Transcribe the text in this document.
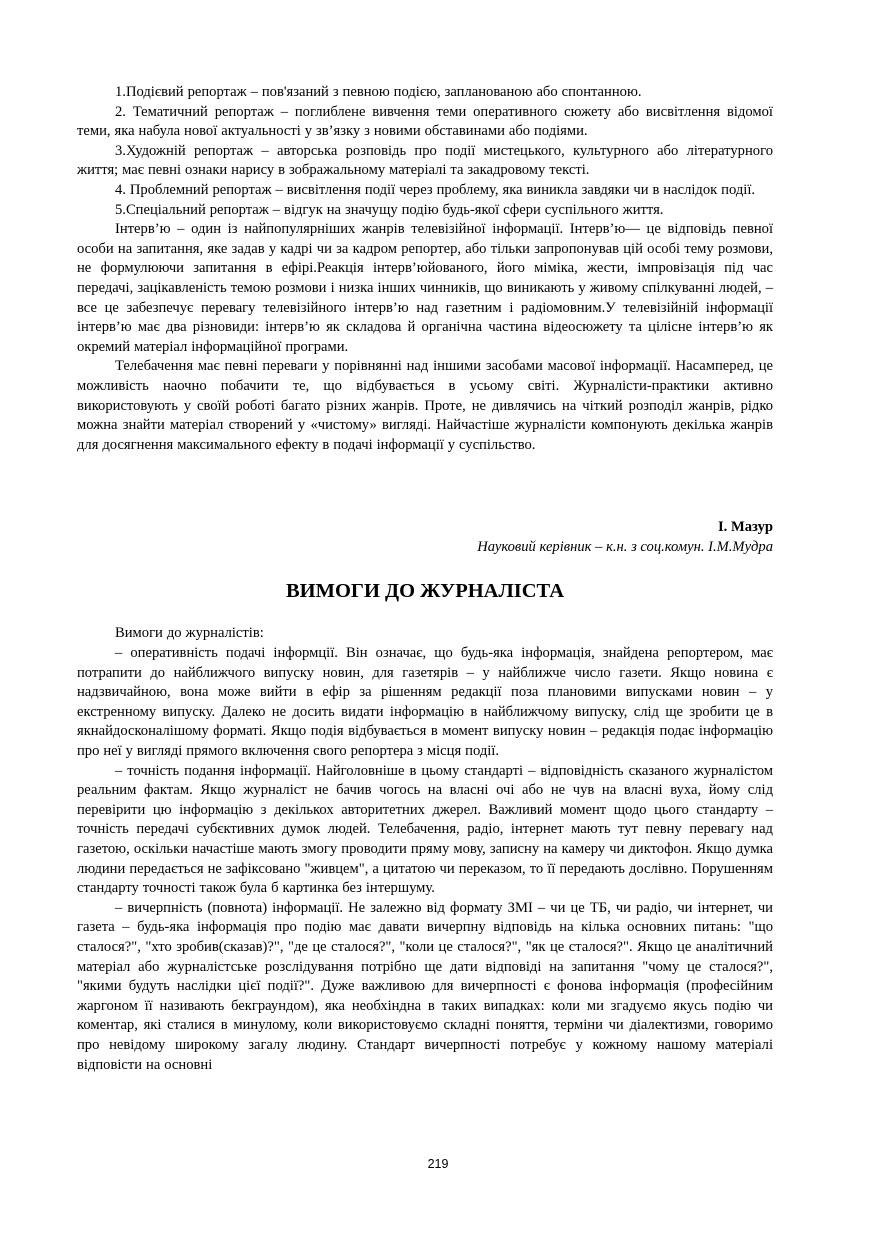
1.Подієвий репортаж – пов'язаний з певною подією, запланованою або спонтанною.

2. Тематичний репортаж – поглиблене вивчення теми оперативного сюжету або висвітлення відомої теми, яка набула нової актуальності у зв’язку з новими обставинами або подіями.

3.Художній репортаж – авторська розповідь про події мистецького, культурного або літературного життя; має певні ознаки нарису в зображальному матеріалі та закадровому тексті.

4. Проблемний репортаж – висвітлення події через проблему, яка виникла завдяки чи в наслідок події.

5.Спеціальний репортаж – відгук на значущу подію будь-якої сфери суспільного життя.

Інтерв’ю – один із найпопулярніших жанрів телевізійної інформації. Інтерв’ю— це відповідь певної особи на запитання, яке задав у кадрі чи за кадром репортер, або тільки запропонував цій особі тему розмови, не формулюючи запитання в ефірі.Реакція інтерв’юйованого, його міміка, жести, імпровізація під час передачі, зацікавленість темою розмови і низка інших чинників, що виникають у живому спілкуванні людей, – все це забезпечує перевагу телевізійного інтерв’ю над газетним і радіомовним.У телевізійній інформації інтерв’ю має два різновиди: інтерв’ю як складова й органічна частина відеосюжету та цілісне інтерв’ю як окремий матеріал інформаційної програми.

Телебачення має певні переваги у порівнянні над іншими засобами масової інформації. Насамперед, це можливість наочно побачити те, що відбувається в усьому світі. Журналісти-практики активно використовують у своїй роботі багато різних жанрів. Проте, не дивлячись на чіткий розподіл жанрів, рідко можна знайти матеріал створений у «чистому» вигляді. Найчастіше журналісти компонують декілька жанрів для досягнення максимального ефекту в подачі інформації у суспільство.

І. Мазур

Науковий керівник – к.н. з соц.комун. І.М.Мудра

ВИМОГИ ДО ЖУРНАЛІСТА

Вимоги до журналістів:

– оперативність подачі інформції. Він означає, що будь-яка інформація, знайдена репортером, має потрапити до найближчого випуску новин, для газетярів – у найближче число газети. Якщо новина є надзвичайною, вона може вийти в ефір за рішенням редакції поза плановими випусками новин – у екстренному випуску. Далеко не досить видати інформацію в найближчому випуску, слід ще зробити це в якнайдосконалішому форматі. Якщо подія відбувається в момент випуску новин – редакція подає інформацію про неї у вигляді прямого включення свого репортера з місця події.

– точність подання інформації. Найголовніше в цьому стандарті – відповідність сказаного журналістом реальним фактам. Якщо журналіст не бачив чогось на власні очі або не чув на власні вуха, йому слід перевірити цю інформацію з декількох авторитетних джерел. Важливий момент щодо цього стандарту – точність передачі субєктивних думок людей. Телебачення, радіо, інтернет мають тут певну перевагу над газетою, оскільки начастіше мають змогу проводити пряму мову, записну на камеру чи диктофон. Якщо думка людини передається не зафіксовано "живцем", а цитатою чи переказом, то її передають дослівно. Порушенням стандарту точності також була б картинка без інтершуму.

– вичерпність (повнота) інформації. Не залежно від формату ЗМІ – чи це ТБ, чи радіо, чи інтернет, чи газета – будь-яка інформація про подію має давати вичерпну відповідь на кілька основних питань: "що сталося?", "хто зробив(сказав)?", "де це сталося?", "коли це сталося?", "як це сталося?". Якщо це аналітичний матеріал або журналістське розслідування потрібно ще дати відповіді на запитання "чому це сталося?", "якими будуть наслідки цієї події?". Дуже важливою для вичерпності є фонова інформація (професійним жаргоном її називають бекграундом), яка необхіндна в таких випадках: коли ми згадуємо якусь подію чи коментар, які сталися в минулому, коли використовуємо складні поняття, терміни чи діалектизми, говоримо про невідому широкому загалу людину. Стандарт вичерпності потребує у кожному нашому матеріалі відповісти на основні

219
